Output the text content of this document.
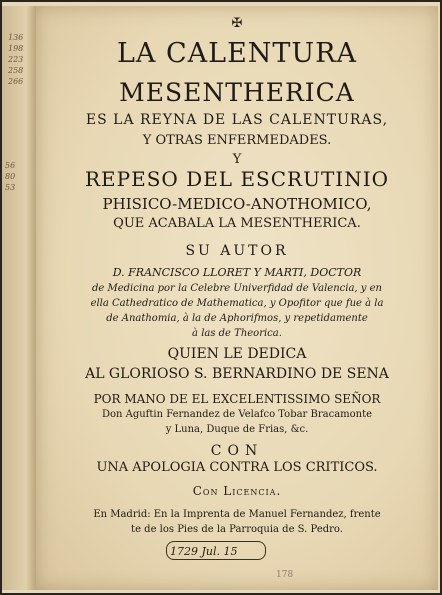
136
198
223
258
266
56
80
53
✠
LA CALENTURA
MESENTHERICA
ES LA REYNA DE LAS CALENTURAS,
Y OTRAS ENFERMEDADES.
Y
REPESO DEL ESCRUTINIO
PHISICO-MEDICO-ANOTHOMICO,
QUE ACABALA LA MESENTHERICA.
SU AUTOR
D. FRANCISCO LLORET Y MARTI, DOCTOR
de Medicina por la Celebre Univerfidad de Valencia, y en
ella Cathedratico de Mathematica, y Opofitor que fue à la
de Anathomia, à la de Aphorifmos, y repetidamente
à las de Theorica.
QUIEN LE DEDICA
AL GLORIOSO S. BERNARDINO DE SENA
POR MANO DE EL EXCELENTISSIMO SEÑOR
Don Aguftin Fernandez de Velafco Tobar Bracamonte
y Luna, Duque de Frias, &c.
CON
UNA APOLOGIA CONTRA LOS CRITICOS.
Con Licencia.
En Madrid: En la Imprenta de Manuel Fernandez, frente
te de los Pies de la Parroquia de S. Pedro.
1729 Jul. 15
178
